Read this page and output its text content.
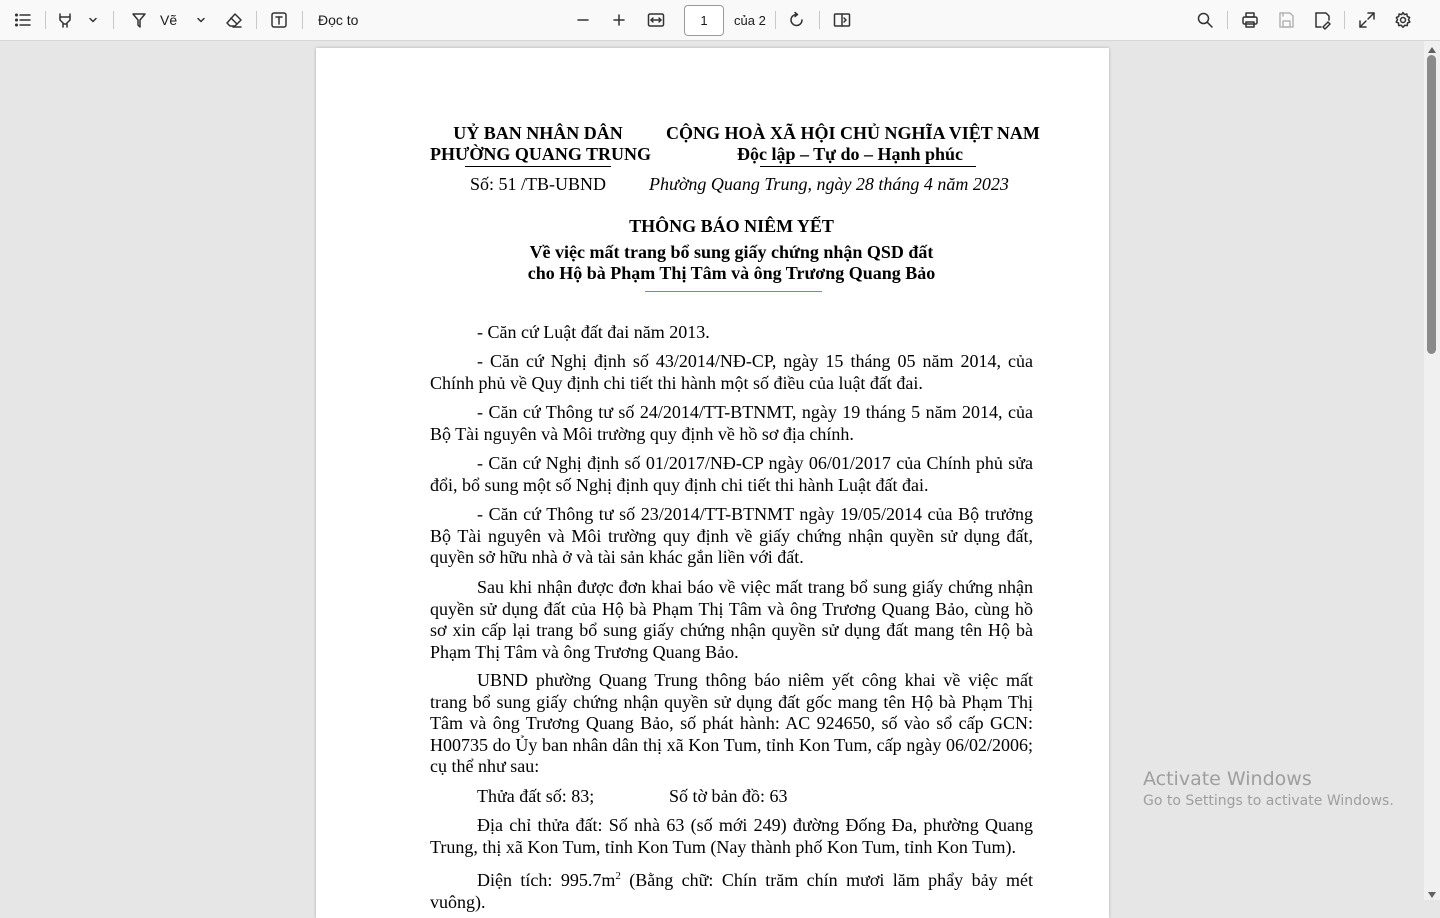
Vẽ	Đọc to
1	của 2
UỶ BAN NHÂN DÂN
PHƯỜNG QUANG TRUNG
CỘNG HOÀ XÃ HỘI CHỦ NGHĨA VIỆT NAM
Độc lập – Tự do – Hạnh phúc
Số: 51 /TB-UBND Phường Quang Trung, ngày 28 tháng 4 năm 2023
THÔNG BÁO NIÊM YẾT
Về việc mất trang bổ sung giấy chứng nhận QSD đất
cho Hộ bà Phạm Thị Tâm và ông Trương Quang Bảo
- Căn cứ Luật đất đai năm 2013.
- Căn cứ Nghị định số 43/2014/NĐ-CP, ngày 15 tháng 05 năm 2014, của Chính phủ về Quy định chi tiết thi hành một số điều của luật đất đai.
- Căn cứ Thông tư số 24/2014/TT-BTNMT, ngày 19 tháng 5 năm 2014, của Bộ Tài nguyên và Môi trường quy định về hồ sơ địa chính.
- Căn cứ Nghị định số 01/2017/NĐ-CP ngày 06/01/2017 của Chính phủ sửa đổi, bổ sung một số Nghị định quy định chi tiết thi hành Luật đất đai.
- Căn cứ Thông tư số 23/2014/TT-BTNMT ngày 19/05/2014 của Bộ trưởng Bộ Tài nguyên và Môi trường quy định về giấy chứng nhận quyền sử dụng đất, quyền sở hữu nhà ở và tài sản khác gắn liền với đất.
Sau khi nhận được đơn khai báo về việc mất trang bổ sung giấy chứng nhận quyền sử dụng đất của Hộ bà Phạm Thị Tâm và ông Trương Quang Bảo, cùng hồ sơ xin cấp lại trang bổ sung giấy chứng nhận quyền sử dụng đất mang tên Hộ bà Phạm Thị Tâm và ông Trương Quang Bảo.
UBND phường Quang Trung thông báo niêm yết công khai về việc mất trang bổ sung giấy chứng nhận quyền sử dụng đất gốc mang tên Hộ bà Phạm Thị Tâm và ông Trương Quang Bảo, số phát hành: AC 924650, số vào sổ cấp GCN: H00735 do Ủy ban nhân dân thị xã Kon Tum, tỉnh Kon Tum, cấp ngày 06/02/2006; cụ thể như sau:
Thửa đất số: 83;	Số tờ bản đồ: 63
Địa chỉ thửa đất: Số nhà 63 (số mới 249) đường Đống Đa, phường Quang Trung, thị xã Kon Tum, tỉnh Kon Tum (Nay thành phố Kon Tum, tỉnh Kon Tum).
Diện tích: $995.7m^2$ (Bằng chữ: Chín trăm chín mươi lăm phẩy bảy mét vuông).
Activate Windows
Go to Settings to activate Windows.
